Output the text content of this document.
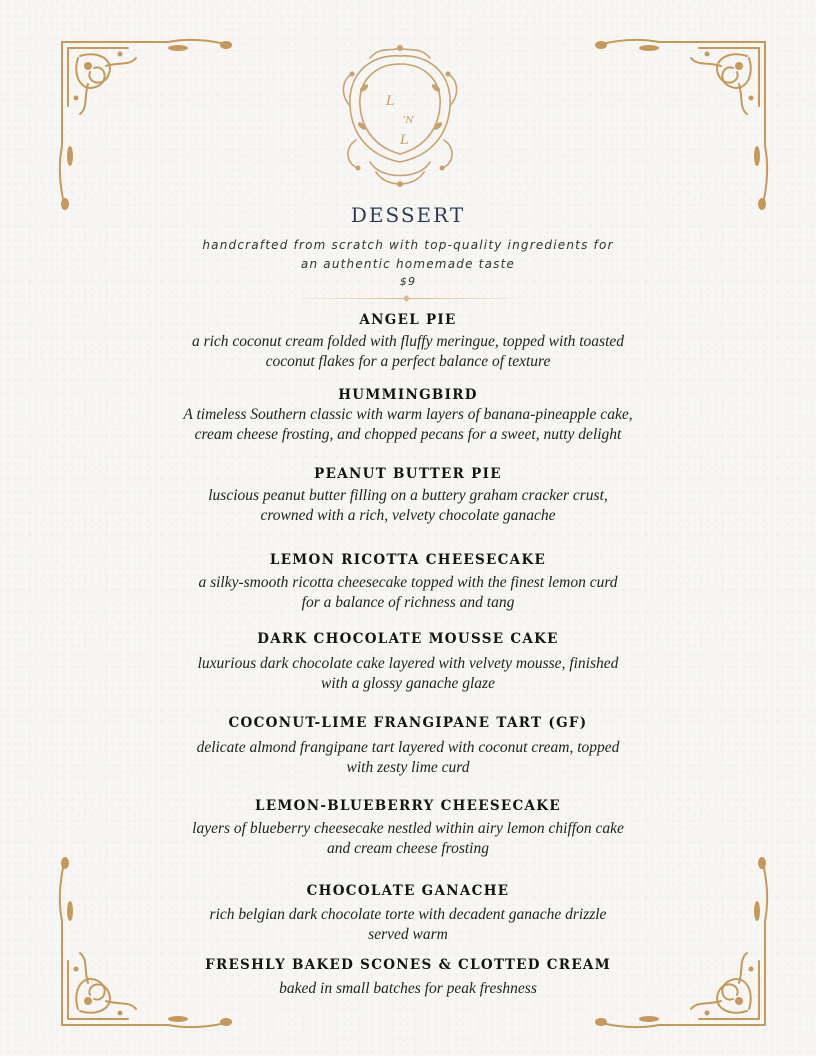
L
'N
L
DESSERT
handcrafted from scratch with top-quality ingredients for
an authentic homemade taste
$9
ANGEL PIE
a rich coconut cream folded with fluffy meringue, topped with toasted
coconut flakes for a perfect balance of texture
HUMMINGBIRD
A timeless Southern classic with warm layers of banana-pineapple cake,
cream cheese frosting, and chopped pecans for a sweet, nutty delight
PEANUT BUTTER PIE
luscious peanut butter filling on a buttery graham cracker crust,
crowned with a rich, velvety chocolate ganache
LEMON RICOTTA CHEESECAKE
a silky-smooth ricotta cheesecake topped with the finest lemon curd
for a balance of richness and tang
DARK CHOCOLATE MOUSSE CAKE
luxurious dark chocolate cake layered with velvety mousse, finished
with a glossy ganache glaze
COCONUT-LIME FRANGIPANE TART (GF)
delicate almond frangipane tart layered with coconut cream, topped
with zesty lime curd
LEMON-BLUEBERRY CHEESECAKE
layers of blueberry cheesecake nestled within airy lemon chiffon cake
and cream cheese frosting
CHOCOLATE GANACHE
rich belgian dark chocolate torte with decadent ganache drizzle
served warm
FRESHLY BAKED SCONES & CLOTTED CREAM
baked in small batches for peak freshness
